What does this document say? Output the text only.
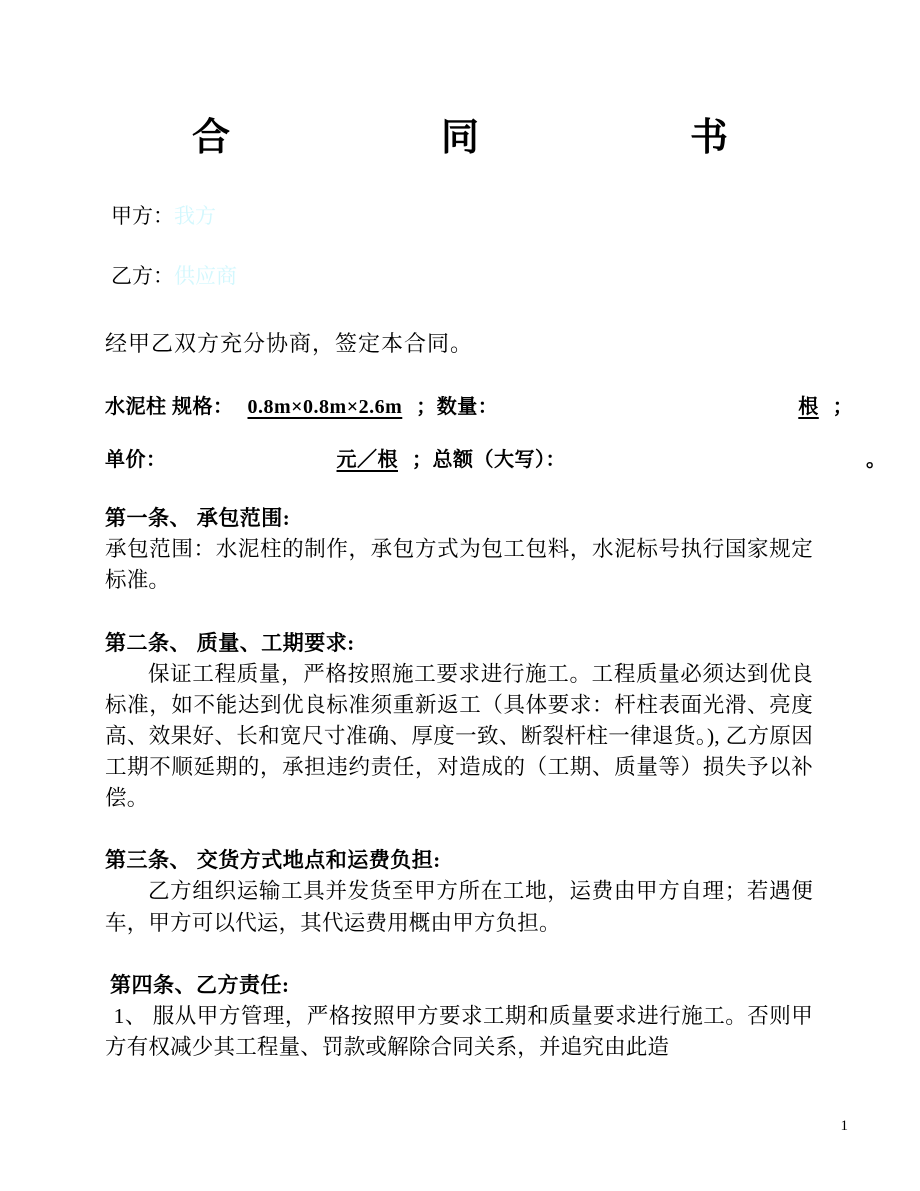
合      同      书
甲方：我方
乙方：供应商
经甲乙双方充分协商，签定本合同。
水泥柱 规格： 0.8m×0.8m×2.6m ；数量：	根 ；
单价：	元／根 ；总额（大写）：	。
第一条、 承包范围:
承包范围：水泥柱的制作，承包方式为包工包料，水泥标号执行国家规定标准。
第二条、 质量、工期要求:
保证工程质量，严格按照施工要求进行施工。工程质量必须达到优良标准，如不能达到优良标准须重新返工（具体要求：杆柱表面光滑、亮度高、效果好、长和宽尺寸准确、厚度一致、断裂杆柱一律退货。), 乙方原因工期不顺延期的，承担违约责任，对造成的（工期、质量等）损失予以补偿。
第三条、 交货方式地点和运费负担:
乙方组织运输工具并发货至甲方所在工地，运费由甲方自理；若遇便车，甲方可以代运，其代运费用概由甲方负担。
第四条、乙方责任:
1、 服从甲方管理，严格按照甲方要求工期和质量要求进行施工。否则甲方有权减少其工程量、罚款或解除合同关系，并追究由此造
1
